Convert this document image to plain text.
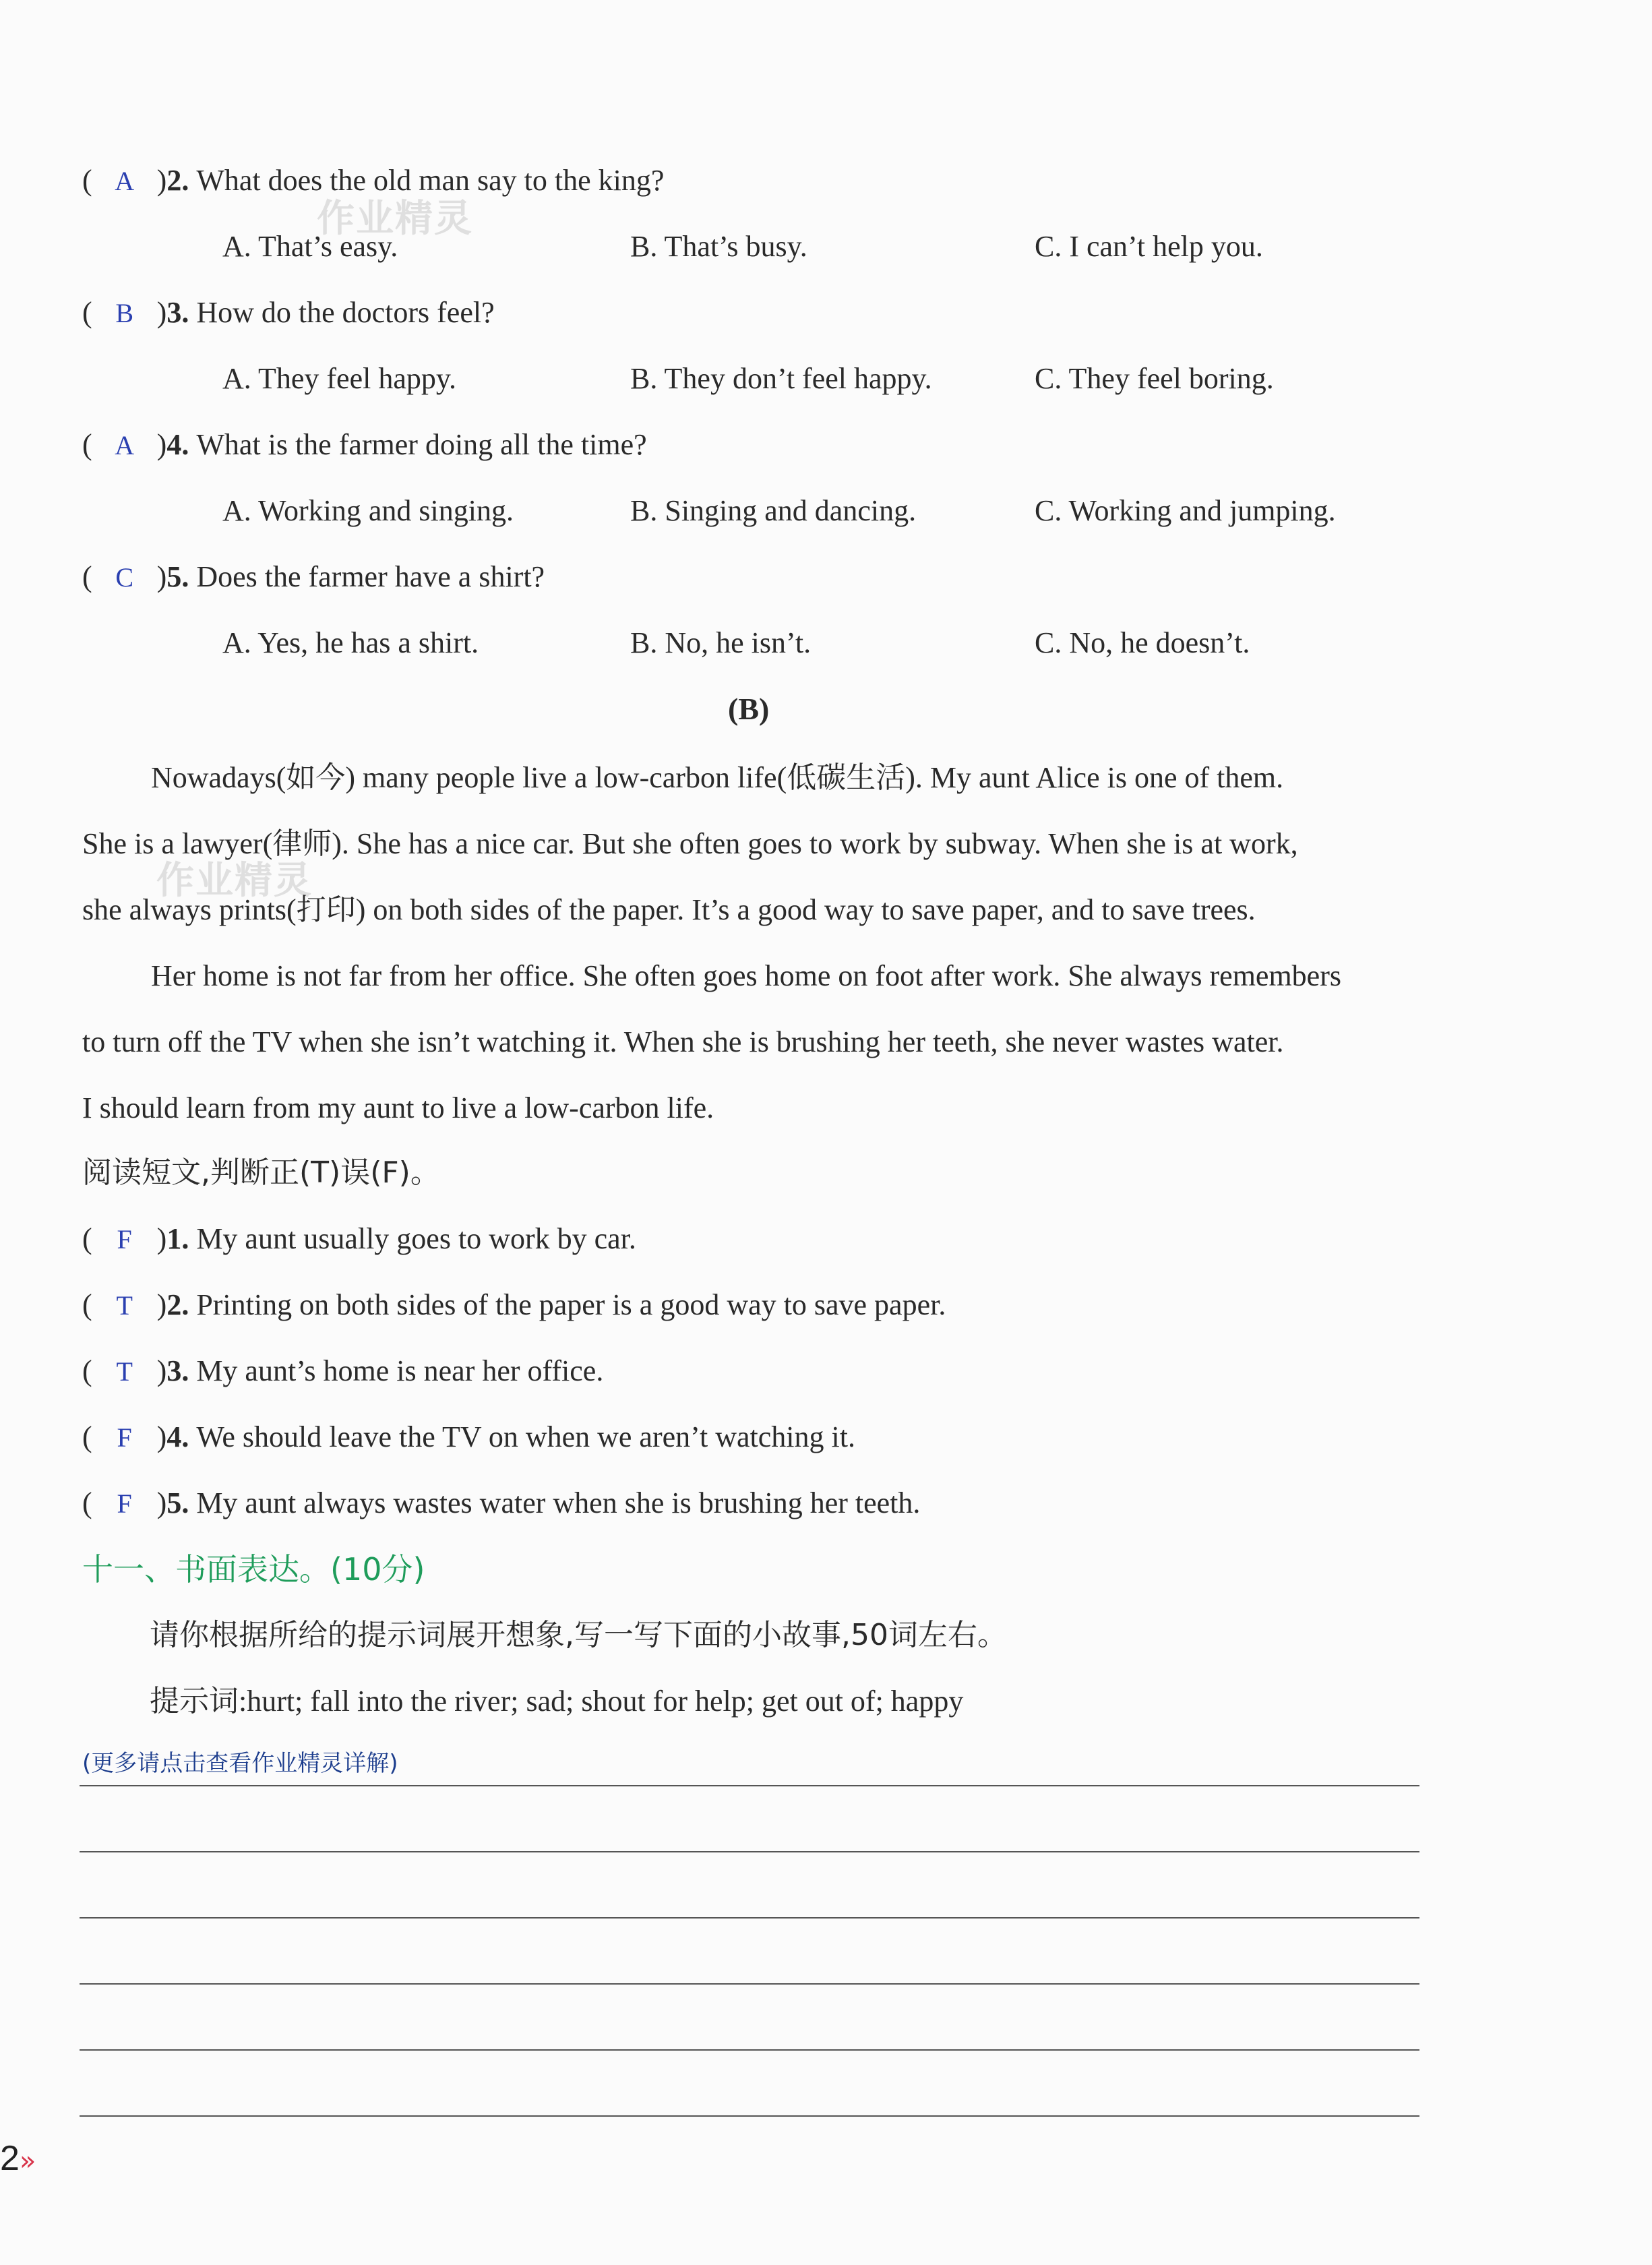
作业精灵
作业精灵
( A )2. What does the old man say to the king?
A. That’s easy.	B. That’s busy.	C. I can’t help you.
( B )3. How do the doctors feel?
A. They feel happy.	B. They don’t feel happy.	C. They feel boring.
( A )4. What is the farmer doing all the time?
A. Working and singing.	B. Singing and dancing.	C. Working and jumping.
( C )5. Does the farmer have a shirt?
A. Yes, he has a shirt.	B. No, he isn’t.	C. No, he doesn’t.
(B)
Nowadays(如今) many people live a low-carbon life(低碳生活). My aunt Alice is one of them.
She is a lawyer(律师). She has a nice car. But she often goes to work by subway. When she is at work,
she always prints(打印) on both sides of the paper. It’s a good way to save paper, and to save trees.
Her home is not far from her office. She often goes home on foot after work. She always remembers
to turn off the TV when she isn’t watching it. When she is brushing her teeth, she never wastes water.
I should learn from my aunt to live a low-carbon life.
阅读短文,判断正(T)误(F)。
( F )1. My aunt usually goes to work by car.
( T )2. Printing on both sides of the paper is a good way to save paper.
( T )3. My aunt’s home is near her office.
( F )4. We should leave the TV on when we aren’t watching it.
( F )5. My aunt always wastes water when she is brushing her teeth.
十一、书面表达。(10分)
请你根据所给的提示词展开想象,写一写下面的小故事,50词左右。
提示词:hurt; fall into the river; sad; shout for help; get out of; happy
(更多请点击查看作业精灵详解)
2»
